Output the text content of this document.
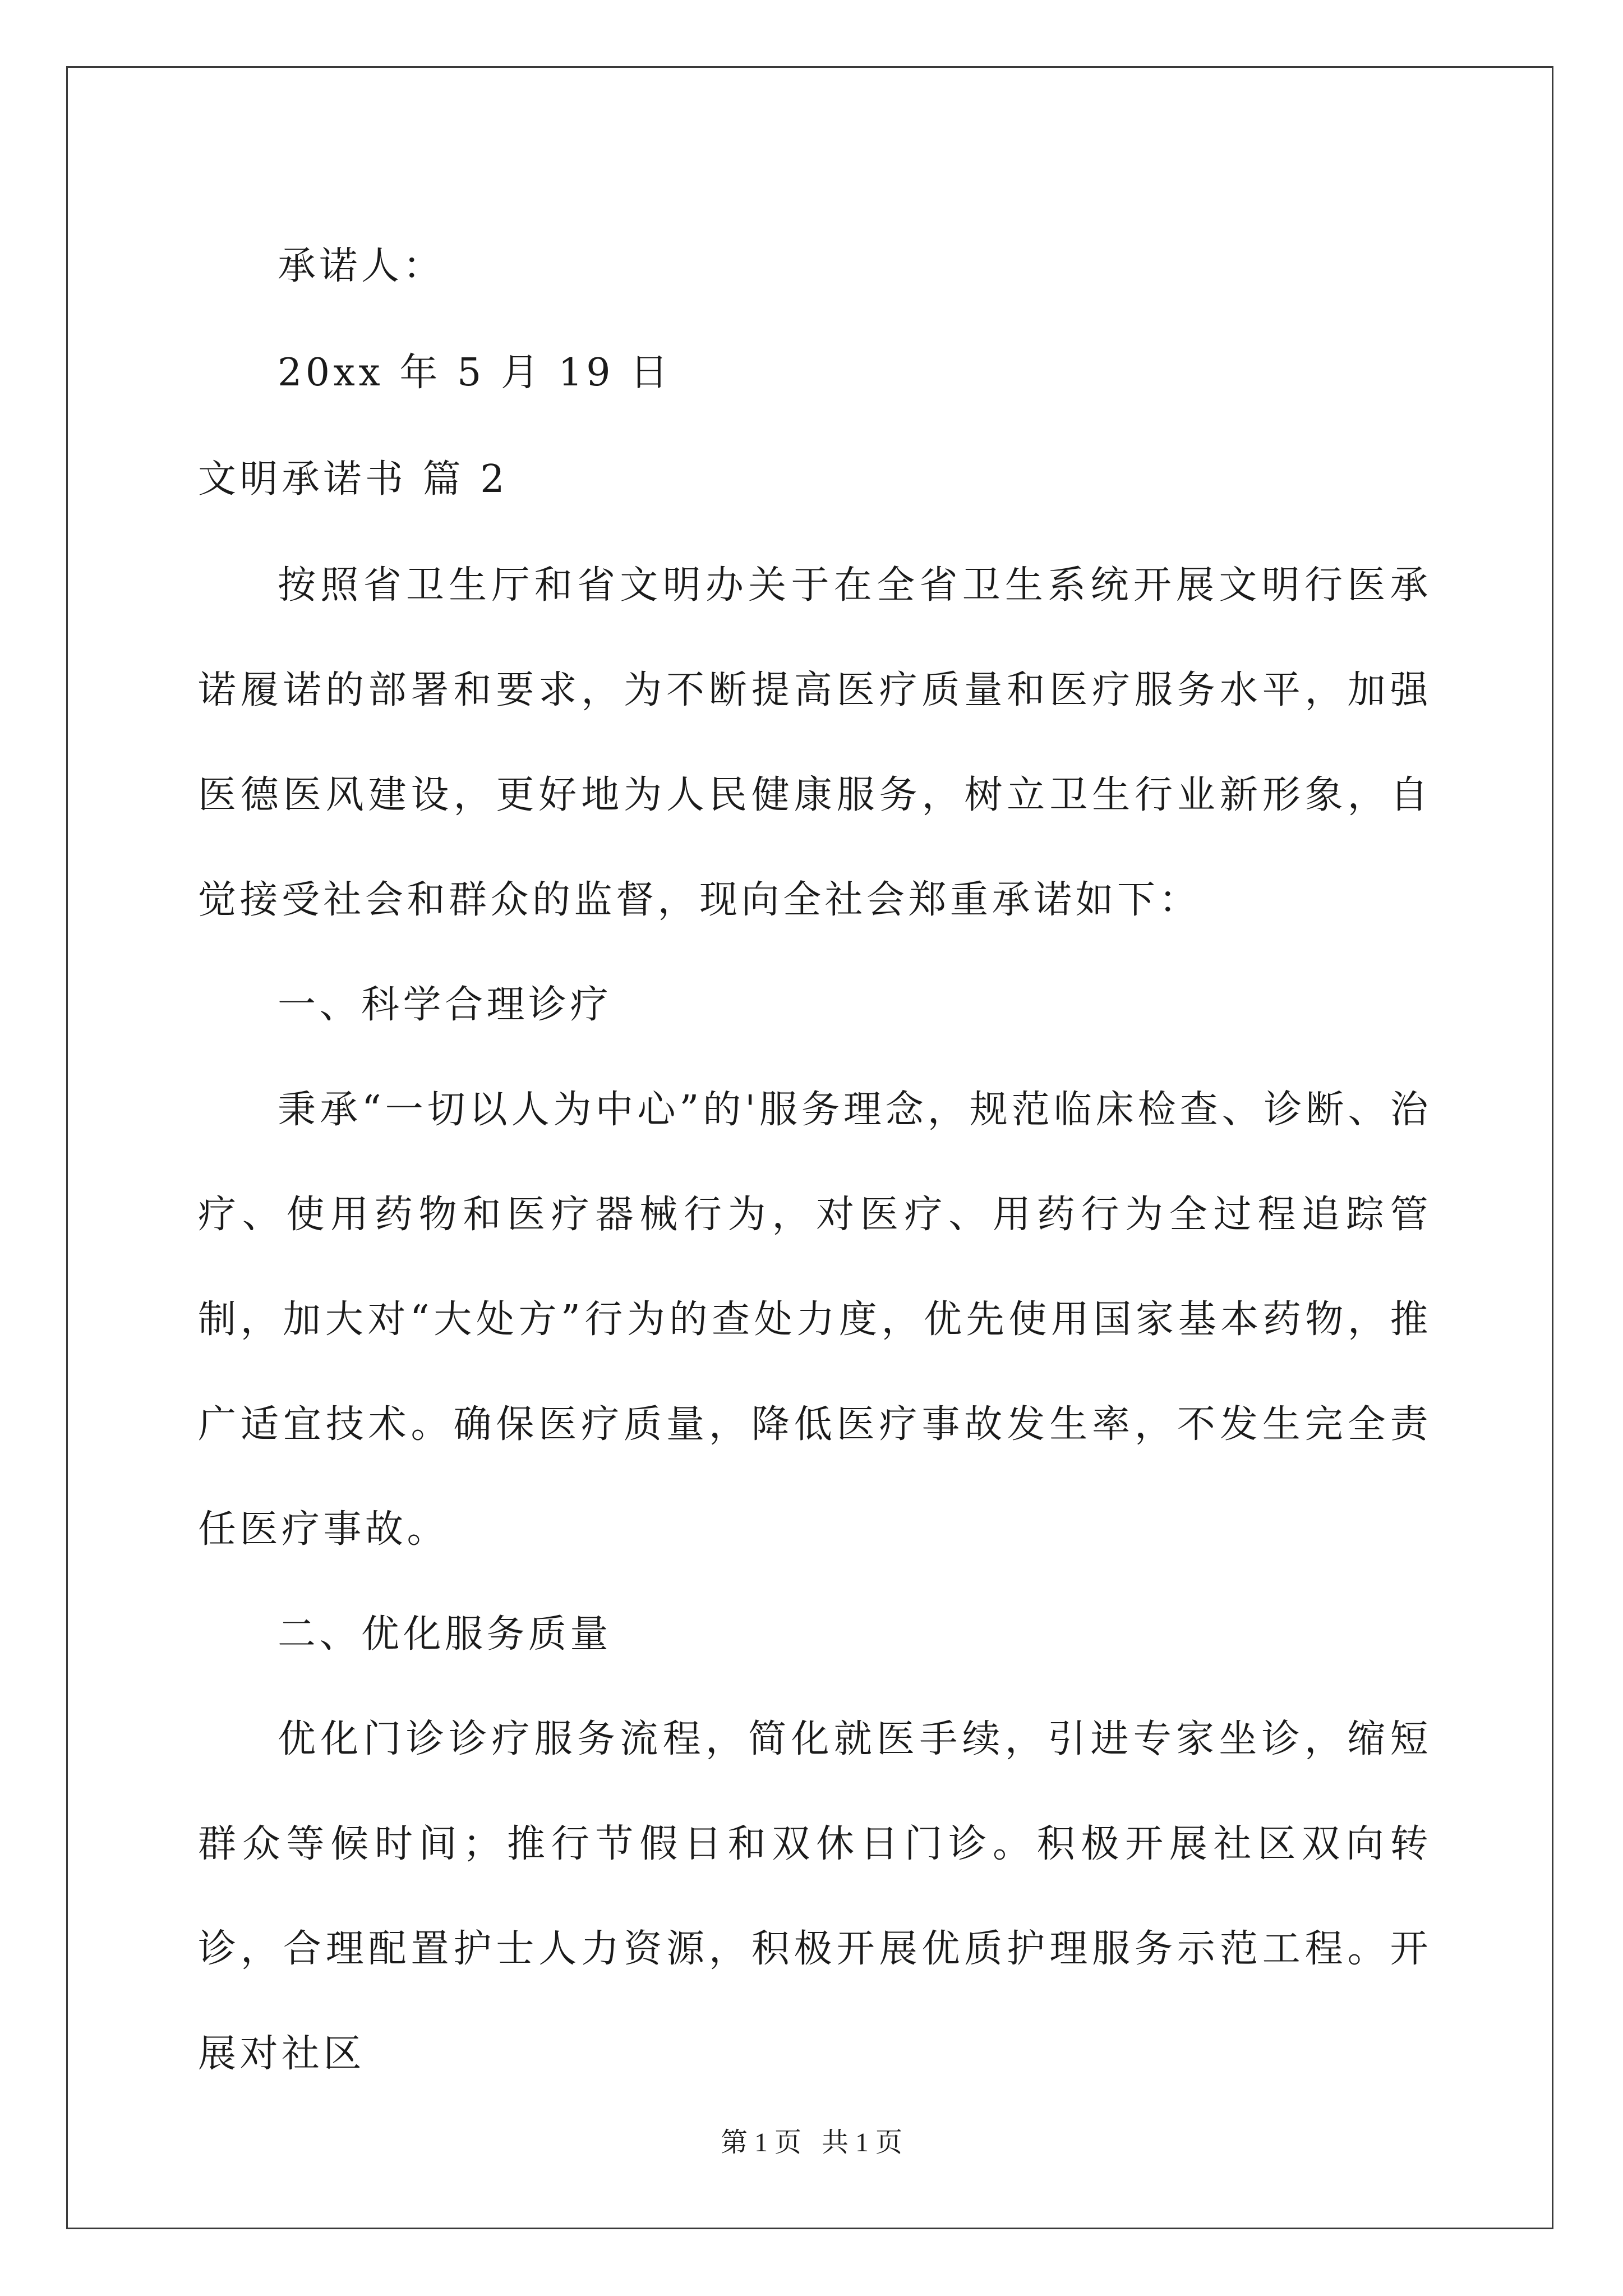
承诺人：

20xx 年 5 月 19 日

文明承诺书 篇 2

按照省卫生厅和省文明办关于在全省卫生系统开展文明行医承诺履诺的部署和要求，为不断提高医疗质量和医疗服务水平，加强医德医风建设，更好地为人民健康服务，树立卫生行业新形象，自觉接受社会和群众的监督，现向全社会郑重承诺如下：

一、科学合理诊疗

秉承“一切以人为中心”的'服务理念，规范临床检查、诊断、治疗、使用药物和医疗器械行为，对医疗、用药行为全过程追踪管制，加大对“大处方”行为的查处力度，优先使用国家基本药物，推广适宜技术。确保医疗质量，降低医疗事故发生率，不发生完全责任医疗事故。

二、优化服务质量

优化门诊诊疗服务流程，简化就医手续，引进专家坐诊，缩短群众等候时间；推行节假日和双休日门诊。积极开展社区双向转诊，合理配置护士人力资源，积极开展优质护理服务示范工程。开展对社区

第 1 页   共 1 页
